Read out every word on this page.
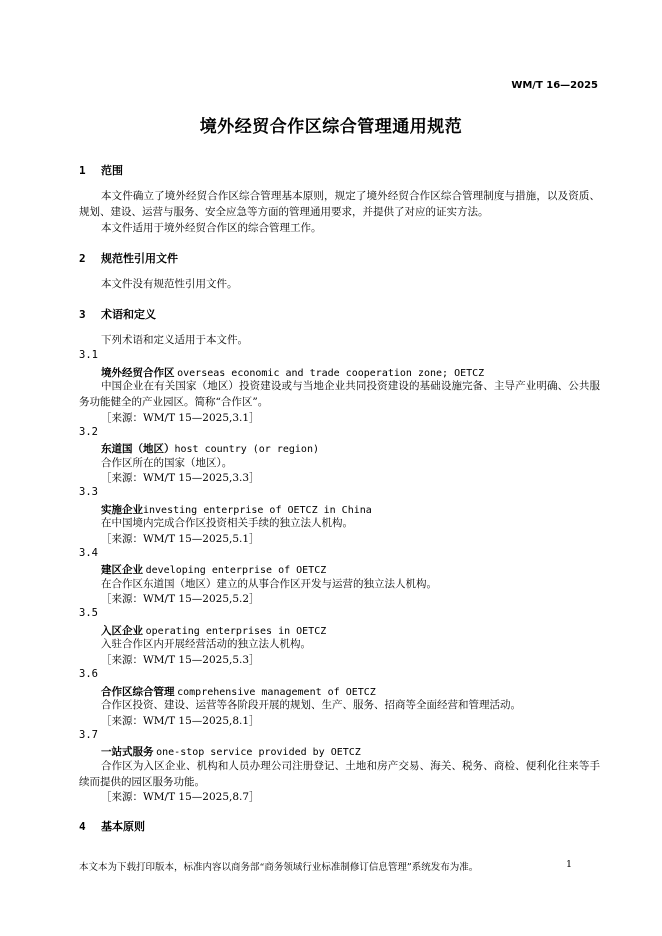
WM/T 16—2025
境外经贸合作区综合管理通用规范
1 范围
本文件确立了境外经贸合作区综合管理基本原则，规定了境外经贸合作区综合管理制度与措施，以及资质、规划、建设、运营与服务、安全应急等方面的管理通用要求，并提供了对应的证实方法。
本文件适用于境外经贸合作区的综合管理工作。
2 规范性引用文件
本文件没有规范性引用文件。
3 术语和定义
下列术语和定义适用于本文件。
3.1
境外经贸合作区 overseas economic and trade cooperation zone; OETCZ
中国企业在有关国家（地区）投资建设或与当地企业共同投资建设的基础设施完备、主导产业明确、公共服务功能健全的产业园区。简称“合作区”。
［来源：WM/T 15—2025,3.1］
3.2
东道国（地区）host country (or region)
合作区所在的国家（地区）。
［来源：WM/T 15—2025,3.3］
3.3
实施企业investing enterprise of OETCZ in China
在中国境内完成合作区投资相关手续的独立法人机构。
［来源：WM/T 15—2025,5.1］
3.4
建区企业 developing enterprise of OETCZ
在合作区东道国（地区）建立的从事合作区开发与运营的独立法人机构。
［来源：WM/T 15—2025,5.2］
3.5
入区企业 operating enterprises in OETCZ
入驻合作区内开展经营活动的独立法人机构。
［来源：WM/T 15—2025,5.3］
3.6
合作区综合管理 comprehensive management of OETCZ
合作区投资、建设、运营等各阶段开展的规划、生产、服务、招商等全面经营和管理活动。
［来源：WM/T 15—2025,8.1］
3.7
一站式服务 one-stop service provided by OETCZ
合作区为入区企业、机构和人员办理公司注册登记、土地和房产交易、海关、税务、商检、便利化往来等手续而提供的园区服务功能。
［来源：WM/T 15—2025,8.7］
4 基本原则
本文本为下载打印版本，标准内容以商务部“商务领域行业标准制修订信息管理”系统发布为准。	1
